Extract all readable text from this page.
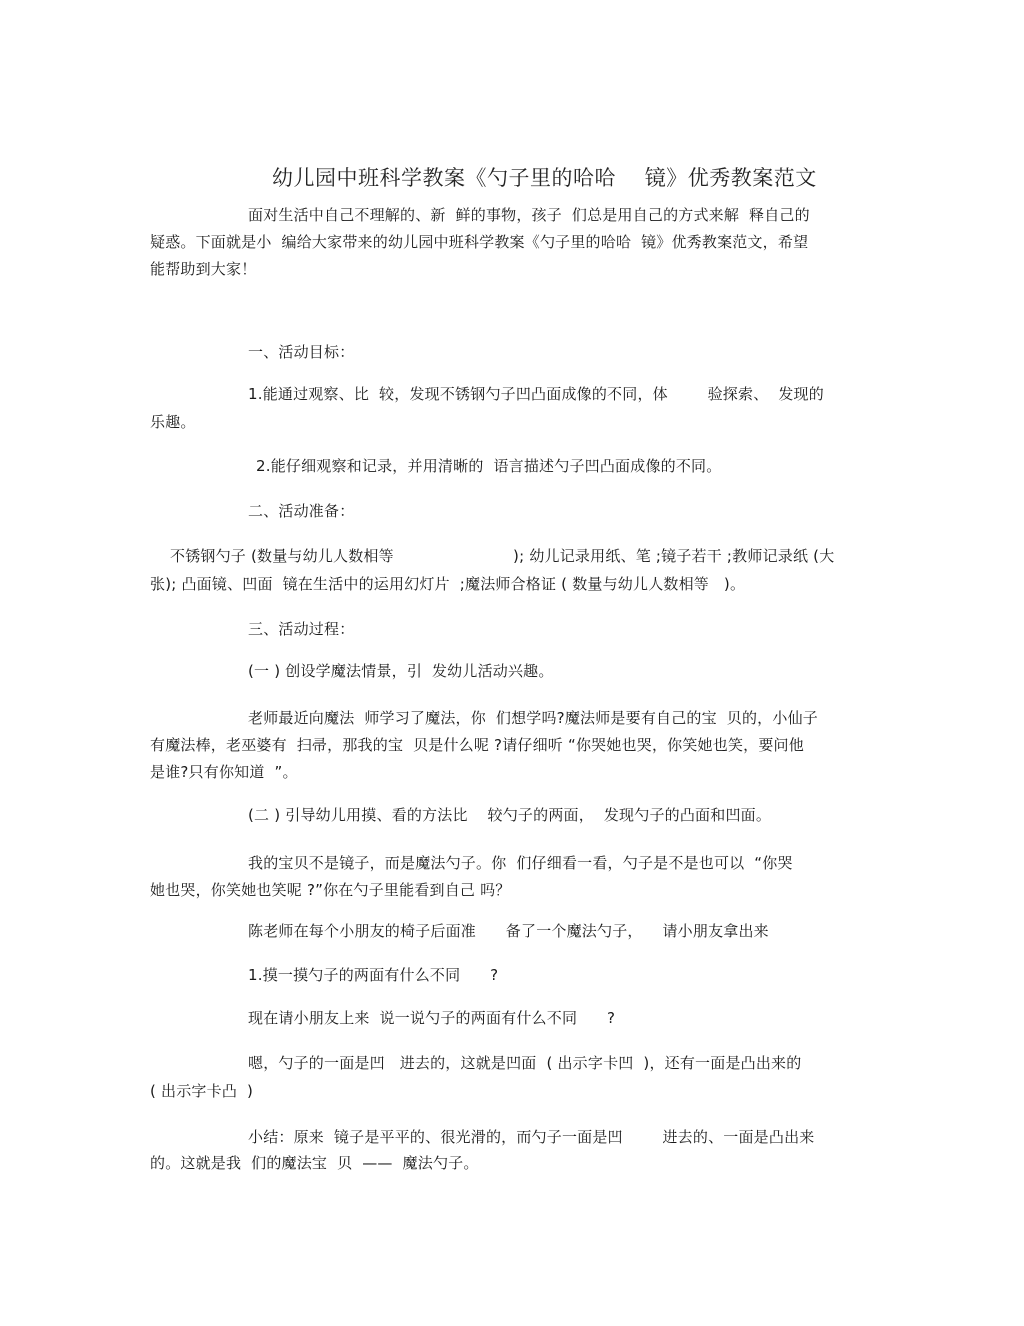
幼儿园中班科学教案《勺子里的哈哈    镜》优秀教案范文
面对生活中自己不理解的、新  鲜的事物，孩子  们总是用自己的方式来解  释自己的
疑惑。下面就是小  编给大家带来的幼儿园中班科学教案《勺子里的哈哈  镜》优秀教案范文，希望
能帮助到大家！
一、活动目标：
1.能通过观察、比  较，发现不锈钢勺子凹凸面成像的不同，体        验探索、  发现的
乐趣。
2.能仔细观察和记录，并用清晰的  语言描述勺子凹凸面成像的不同。
二、活动准备：
不锈钢勺子 (数量与幼儿人数相等                        ); 幼儿记录用纸、笔 ;镜子若干 ;教师记录纸 (大
张); 凸面镜、凹面  镜在生活中的运用幻灯片  ;魔法师合格证 ( 数量与幼儿人数相等   )。
三、活动过程：
(一 ) 创设学魔法情景，引  发幼儿活动兴趣。
老师最近向魔法  师学习了魔法，你  们想学吗?魔法师是要有自己的宝  贝的，小仙子
有魔法棒，老巫婆有  扫帚，那我的宝  贝是什么呢 ?请仔细听 “你哭她也哭，你笑她也笑，要问他
是谁?只有你知道  ”。
(二 ) 引导幼儿用摸、看的方法比    较勺子的两面，  发现勺子的凸面和凹面。
我的宝贝不是镜子，而是魔法勺子。你  们仔细看一看，勺子是不是也可以  “你哭
她也哭，你笑她也笑呢 ?”你在勺子里能看到自己 吗？
陈老师在每个小朋友的椅子后面准      备了一个魔法勺子，    请小朋友拿出来
1.摸一摸勺子的两面有什么不同      ?
现在请小朋友上来  说一说勺子的两面有什么不同      ?
嗯，勺子的一面是凹   进去的，这就是凹面  ( 出示字卡凹  )，还有一面是凸出来的
( 出示字卡凸  )
小结：原来  镜子是平平的、很光滑的，而勺子一面是凹        进去的、一面是凸出来
的。这就是我  们的魔法宝  贝  ——  魔法勺子。
